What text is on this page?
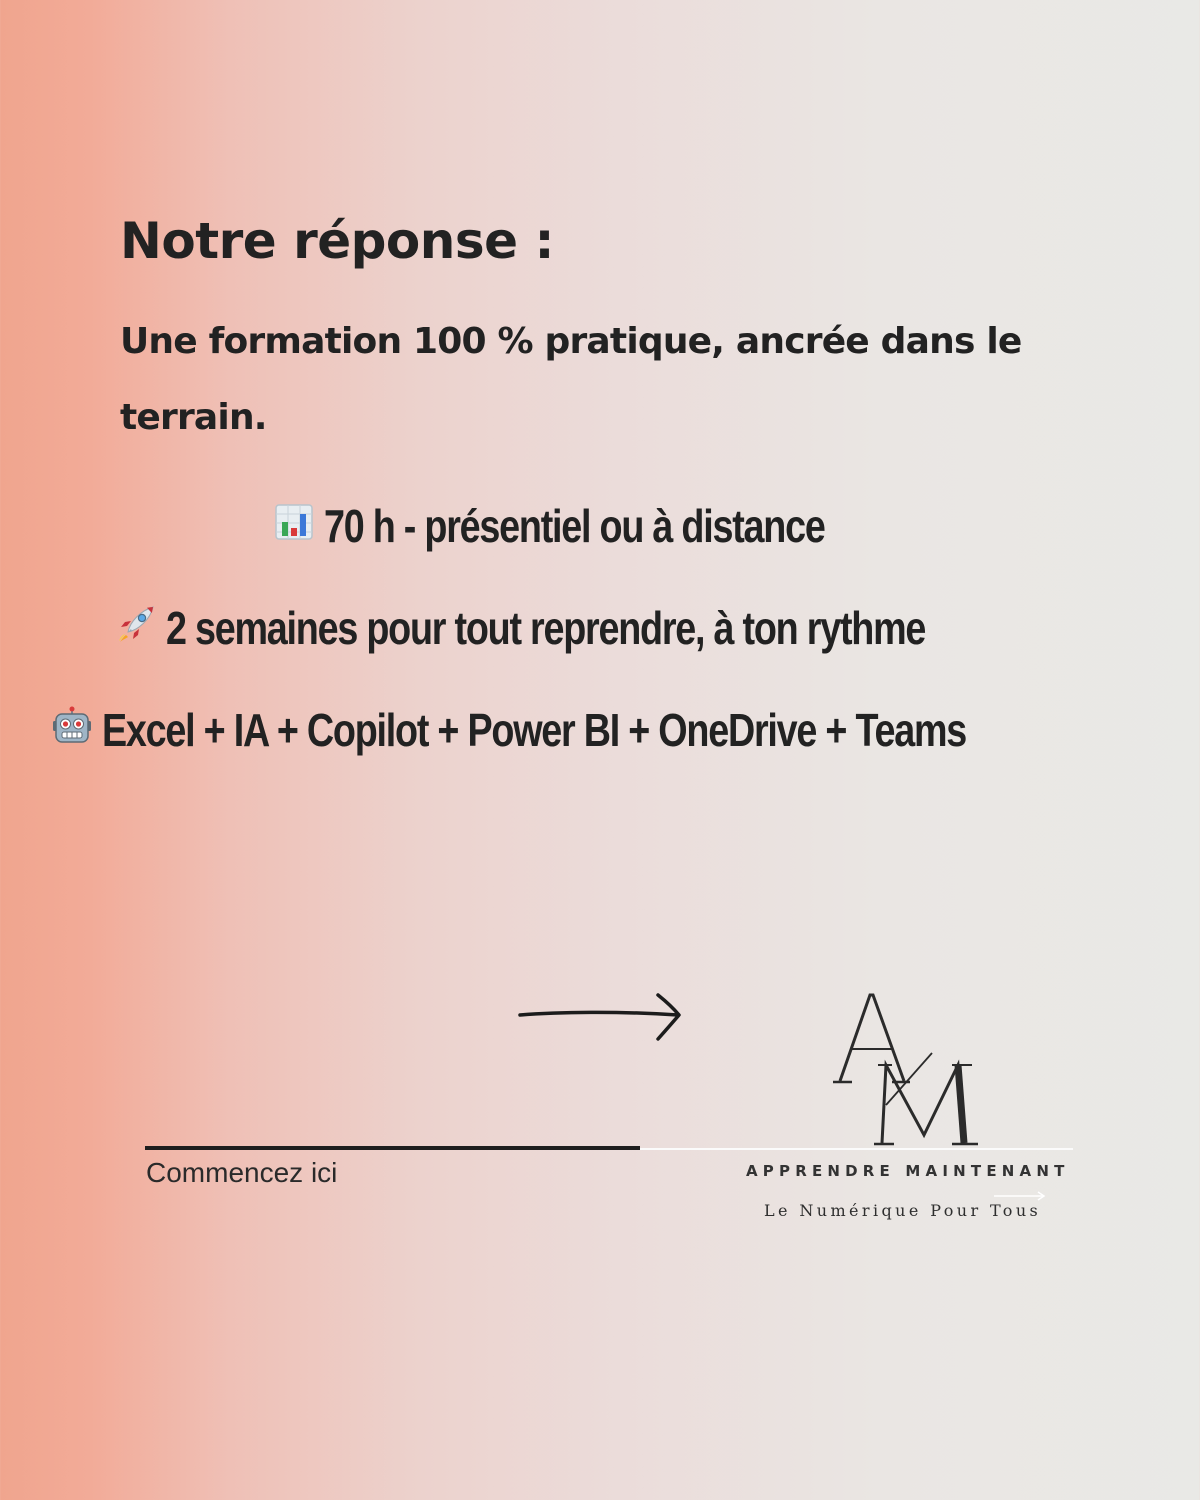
Notre réponse :

Une formation 100 % pratique, ancrée dans le terrain.

70 h - présentiel ou à distance
2 semaines pour tout reprendre, à ton rythme
Excel + IA + Copilot + Power BI + OneDrive + Teams
Commencez ici	APPRENDRE MAINTENANT
Le Numérique Pour Tous
